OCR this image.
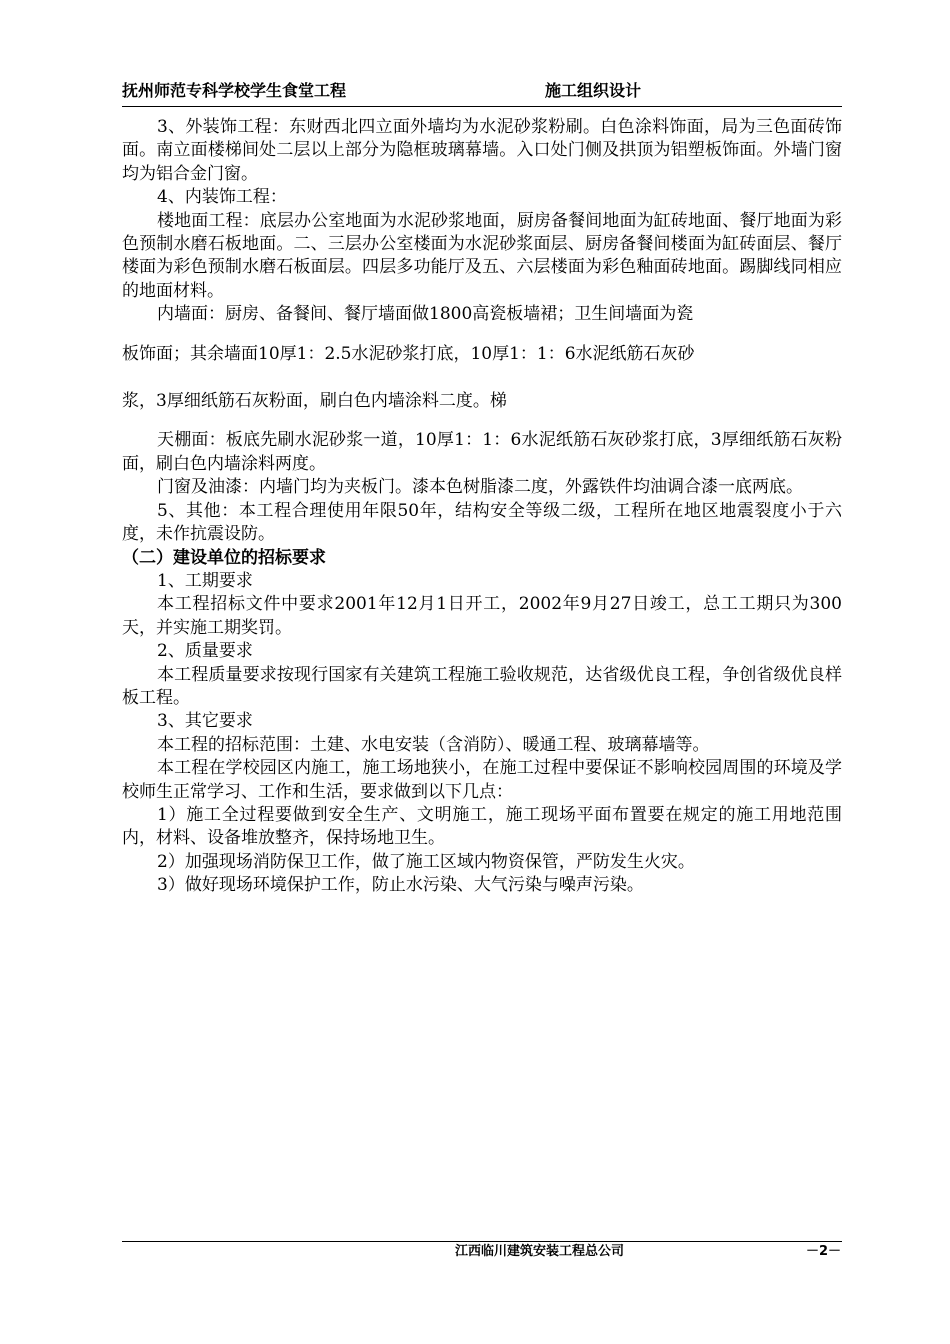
抚州师范专科学校学生食堂工程	施工组织设计

3、外装饰工程：东财西北四立面外墙均为水泥砂浆粉刷。白色涂料饰面，局为三色面砖饰面。南立面楼梯间处二层以上部分为隐框玻璃幕墙。入口处门侧及拱顶为铝塑板饰面。外墙门窗均为铝合金门窗。

4、内装饰工程：

楼地面工程：底层办公室地面为水泥砂浆地面，厨房备餐间地面为缸砖地面、餐厅地面为彩色预制水磨石板地面。二、三层办公室楼面为水泥砂浆面层、厨房备餐间楼面为缸砖面层、餐厅楼面为彩色预制水磨石板面层。四层多功能厅及五、六层楼面为彩色釉面砖地面。踢脚线同相应的地面材料。

内墙面：厨房、备餐间、餐厅墙面做1800高瓷板墙裙；卫生间墙面为瓷

板饰面；其余墙面10厚1：2.5水泥砂浆打底，10厚1：1：6水泥纸筋石灰砂

浆，3厚细纸筋石灰粉面，刷白色内墙涂料二度。梯

天棚面：板底先刷水泥砂浆一道，10厚1：1：6水泥纸筋石灰砂浆打底，3厚细纸筋石灰粉面，刷白色内墙涂料两度。

门窗及油漆：内墙门均为夹板门。漆本色树脂漆二度，外露铁件均油调合漆一底两底。

5、其他：本工程合理使用年限50年，结构安全等级二级，工程所在地区地震裂度小于六度，未作抗震设防。

（二）建设单位的招标要求

1、工期要求

本工程招标文件中要求2001年12月1日开工，2002年9月27日竣工，总工工期只为300天，并实施工期奖罚。

2、质量要求

本工程质量要求按现行国家有关建筑工程施工验收规范，达省级优良工程，争创省级优良样板工程。

3、其它要求

本工程的招标范围：土建、水电安装（含消防）、暖通工程、玻璃幕墙等。

本工程在学校园区内施工，施工场地狭小，在施工过程中要保证不影响校园周围的环境及学校师生正常学习、工作和生活，要求做到以下几点：

1）施工全过程要做到安全生产、文明施工，施工现场平面布置要在规定的施工用地范围内，材料、设备堆放整齐，保持场地卫生。

2）加强现场消防保卫工作，做了施工区域内物资保管，严防发生火灾。

3）做好现场环境保护工作，防止水污染、大气污染与噪声污染。

江西临川建筑安装工程总公司	－2－
